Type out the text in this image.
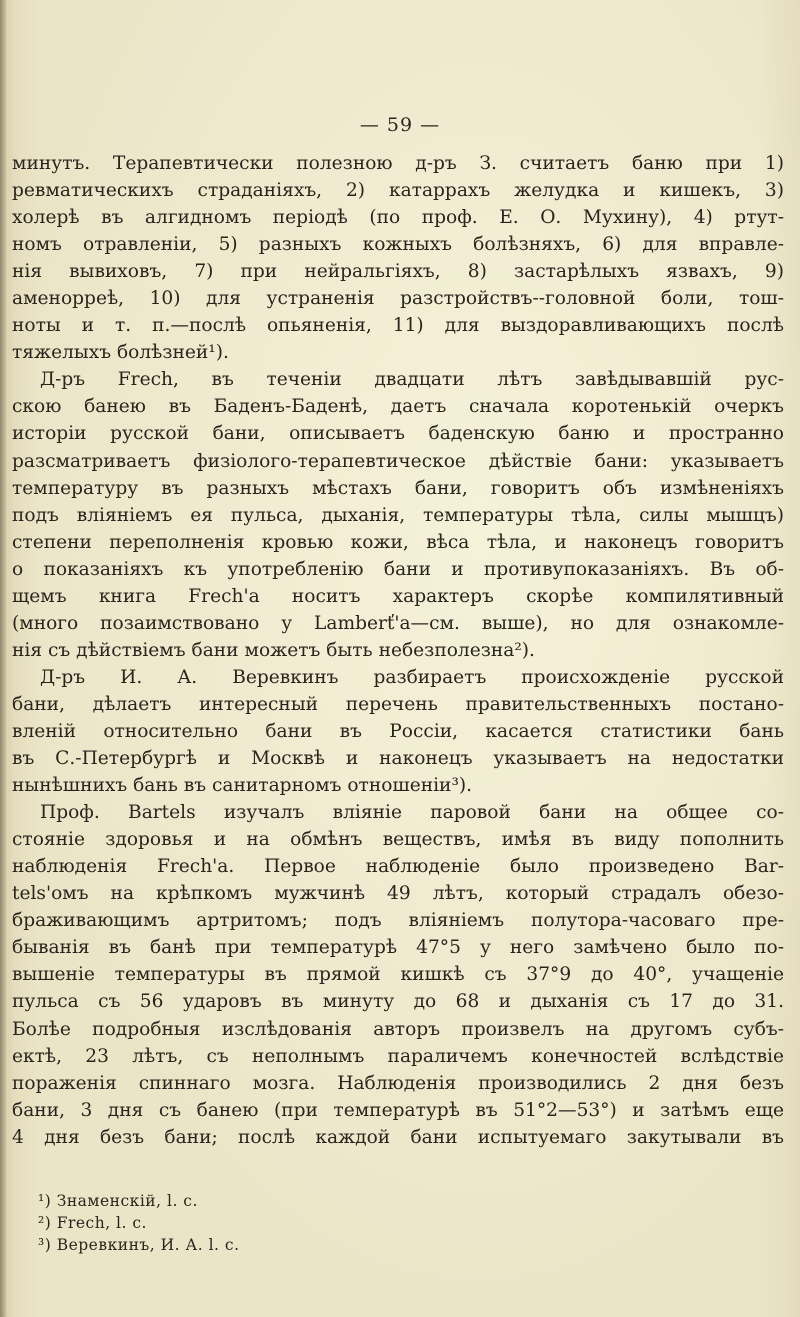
— 59 —
минутъ. Терапевтически полезною д-ръ З. считаетъ баню при 1)
ревматическихъ страданіяхъ, 2) катаррахъ желудка и кишекъ, 3)
холерѣ въ алгидномъ періодѣ (по проф. Е. О. Мухину), 4) ртут-
номъ отравленіи, 5) разныхъ кожныхъ болѣзняхъ, 6) для вправле-
нія вывиховъ, 7) при нейральгіяхъ, 8) застарѣлыхъ язвахъ, 9)
аменорреѣ, 10) для устраненія разстройствъ--головной боли, тош-
ноты и т. п.—послѣ опьяненія, 11) для выздоравливающихъ послѣ
тяжелыхъ болѣзней¹).
Д-ръ Frech, въ теченіи двадцати лѣтъ завѣдывавшій рус-
скою банею въ Баденъ-Баденѣ, даетъ сначала коротенькій очеркъ
исторіи русской бани, описываетъ баденскую баню и пространно
разсматриваетъ физіолого-терапевтическое дѣйствіе бани: указываетъ
температуру въ разныхъ мѣстахъ бани, говоритъ объ измѣненіяхъ
подъ вліяніемъ ея пульса, дыханія, температуры тѣла, силы мышцъ)
степени переполненія кровью кожи, вѣса тѣла, и наконецъ говоритъ
о показаніяхъ къ употребленію бани и противупоказаніяхъ. Въ об-
щемъ книга Frech'a носитъ характеръ скорѣе компилятивный
(много позаимствовано у Lamberť'a—см. выше), но для ознакомле-
нія съ дѣйствіемъ бани можетъ быть небезполезна²).
Д-ръ И. А. Веревкинъ разбираетъ происхожденіе русской
бани, дѣлаетъ интересный перечень правительственныхъ постано-
вленій относительно бани въ Россіи, касается статистики бань
въ С.-Петербургѣ и Москвѣ и наконецъ указываетъ на недостатки
нынѣшнихъ бань въ санитарномъ отношеніи³).
Проф. Bartels изучалъ вліяніе паровой бани на общее со-
стояніе здоровья и на обмѣнъ веществъ, имѣя въ виду пополнить
наблюденія Frech'a. Первое наблюденіе было произведено Bar-
tels'омъ на крѣпкомъ мужчинѣ 49 лѣтъ, который страдалъ обезо-
браживающимъ артритомъ; подъ вліяніемъ полутора-часоваго пре-
быванія въ банѣ при температурѣ 47°5 у него замѣчено было по-
вышеніе температуры въ прямой кишкѣ съ 37°9 до 40°, учащеніе
пульса съ 56 ударовъ въ минуту до 68 и дыханія съ 17 до 31.
Болѣе подробныя изслѣдованія авторъ произвелъ на другомъ субъ-
ектѣ, 23 лѣтъ, съ неполнымъ параличемъ конечностей вслѣдствіе
пораженія спиннаго мозга. Наблюденія производились 2 дня безъ
бани, 3 дня съ банею (при температурѣ въ 51°2—53°) и затѣмъ еще
4 дня безъ бани; послѣ каждой бани испытуемаго закутывали въ
¹) Знаменскій, l. c.
²) Frech, l. c.
³) Веревкинъ, И. А. l. c.
